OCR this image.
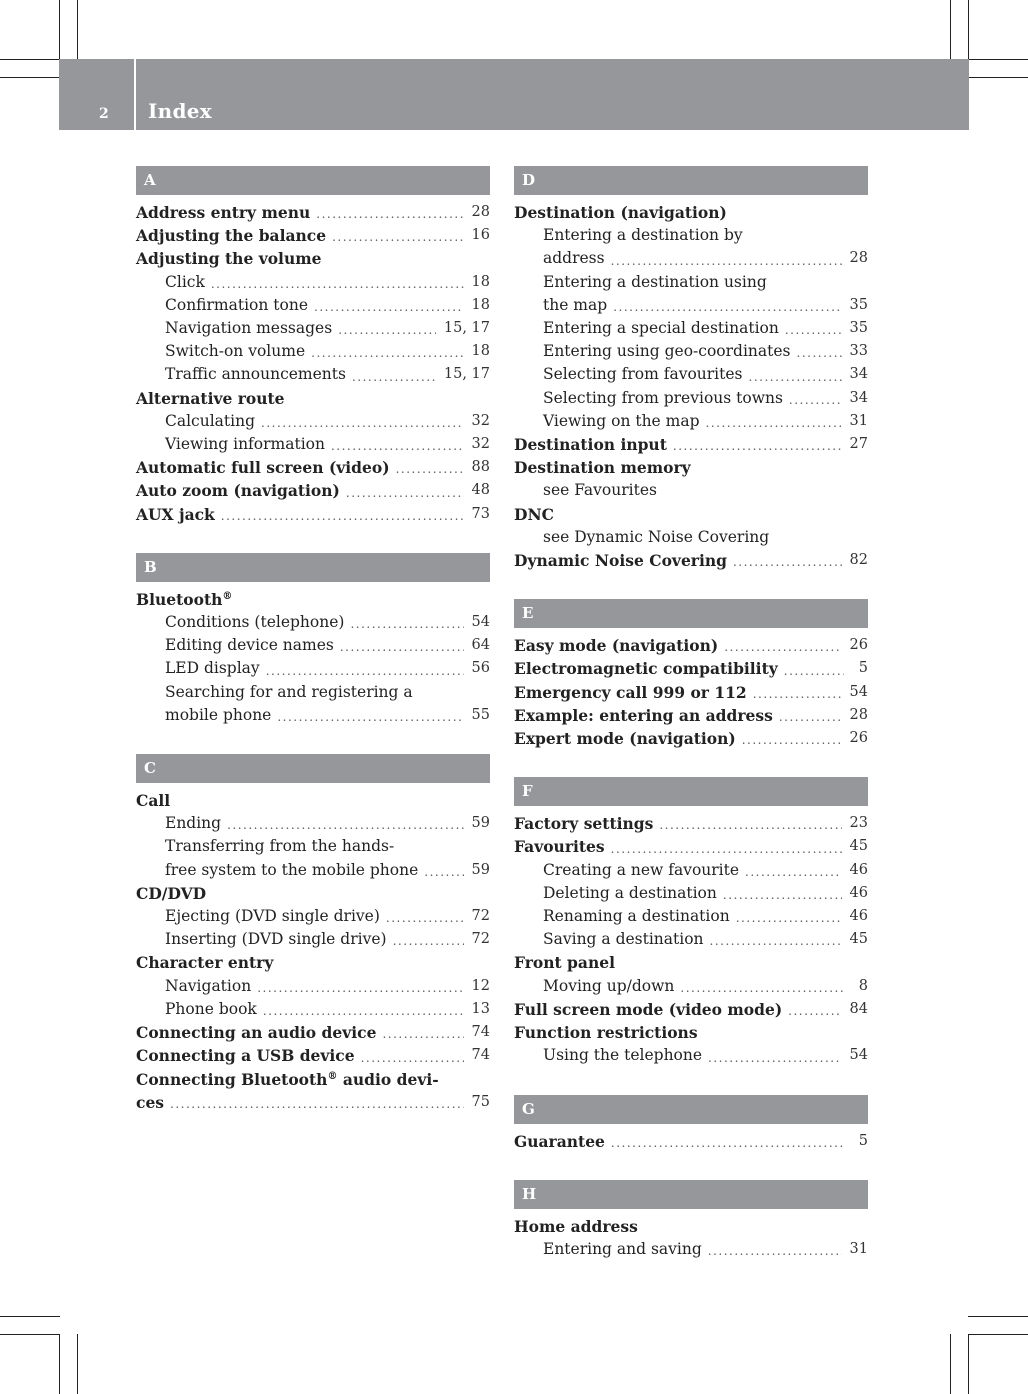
2 Index
A
Address entry menu .....	28
Adjusting the balance .....	16
Adjusting the volume
Click .....	18
Confirmation tone .....	18
Navigation messages .....	15, 17
Switch-on volume .....	18
Traffic announcements .....	15, 17
Alternative route
Calculating .....	32
Viewing information .....	32
Automatic full screen (video) .....	88
Auto zoom (navigation) .....	48
AUX jack .....	73
B
Bluetooth®
Conditions (telephone) .....	54
Editing device names .....	64
LED display .....	56
Searching for and registering a
mobile phone .....	55
C
Call
Ending .....	59
Transferring from the hands-
free system to the mobile phone .....	59
CD/DVD
Ejecting (DVD single drive) .....	72
Inserting (DVD single drive) .....	72
Character entry
Navigation .....	12
Phone book .....	13
Connecting an audio device .....	74
Connecting a USB device .....	74
Connecting Bluetooth® audio devi-
ces .....	75
D
Destination (navigation)
Entering a destination by
address .....	28
Entering a destination using
the map .....	35
Entering a special destination .....	35
Entering using geo-coordinates .....	33
Selecting from favourites .....	34
Selecting from previous towns .....	34
Viewing on the map .....	31
Destination input .....	27
Destination memory
see Favourites
DNC
see Dynamic Noise Covering
Dynamic Noise Covering .....	82
E
Easy mode (navigation) .....	26
Electromagnetic compatibility .....	5
Emergency call 999 or 112 .....	54
Example: entering an address .....	28
Expert mode (navigation) .....	26
F
Factory settings .....	23
Favourites .....	45
Creating a new favourite .....	46
Deleting a destination .....	46
Renaming a destination .....	46
Saving a destination .....	45
Front panel
Moving up/down .....	8
Full screen mode (video mode) .....	84
Function restrictions
Using the telephone .....	54
G
Guarantee .....	5
H
Home address
Entering and saving .....	31
